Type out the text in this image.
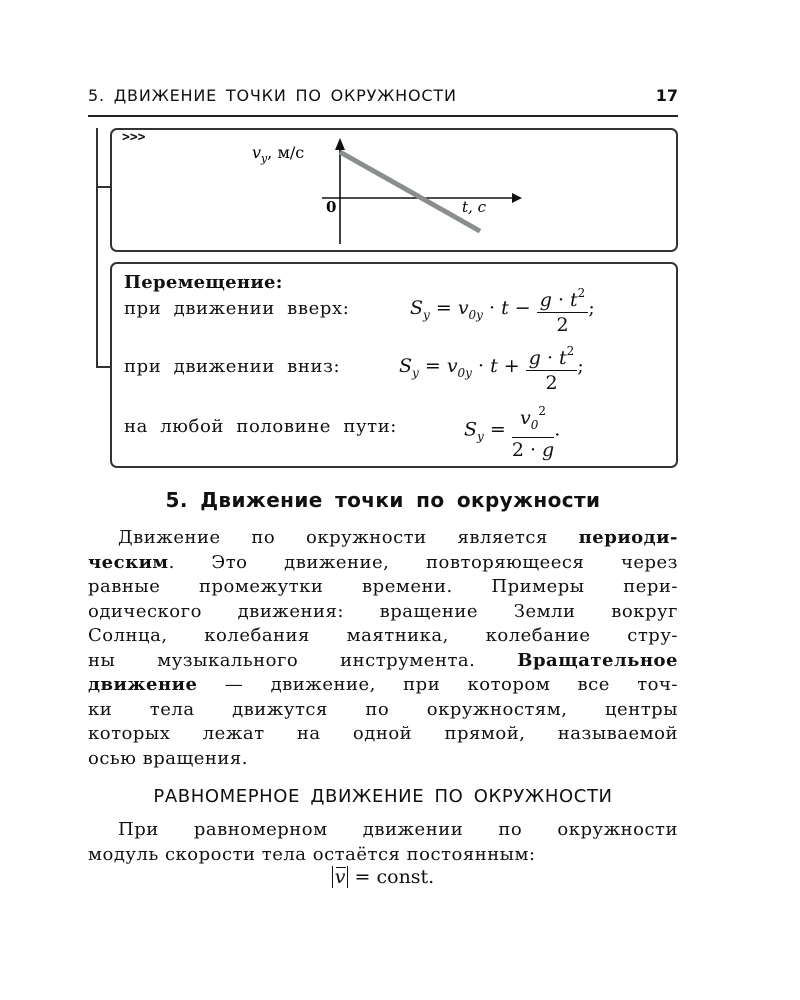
5. ДВИЖЕНИЕ ТОЧКИ ПО ОКРУЖНОСТИ	17
>>>
$v_y$, м/с
0	t, с
Перемещение:
при движении вверх:	$S_y = v_{0y} \cdot t - \frac{g \cdot t^2}{2}$ ;
при движении вниз:	$S_y = v_{0y} \cdot t + \frac{g \cdot t^2}{2}$ ;
на любой половине пути:	$S_y = \frac{v_0^2}{2 \cdot g}$ .
5. Движение точки по окружности
Движение по окружности является периоди-
ческим. Это движение, повторяющееся через
равные промежутки времени. Примеры пери-
одического движения: вращение Земли вокруг
Солнца, колебания маятника, колебание стру-
ны музыкального инструмента. Вращательное
движение — движение, при котором все точ-
ки тела движутся по окружностям, центры
которых лежат на одной прямой, называемой
осью вращения.
РАВНОМЕРНОЕ ДВИЖЕНИЕ ПО ОКРУЖНОСТИ
При равномерном движении по окружности
модуль скорости тела остаётся постоянным:
v = const.
